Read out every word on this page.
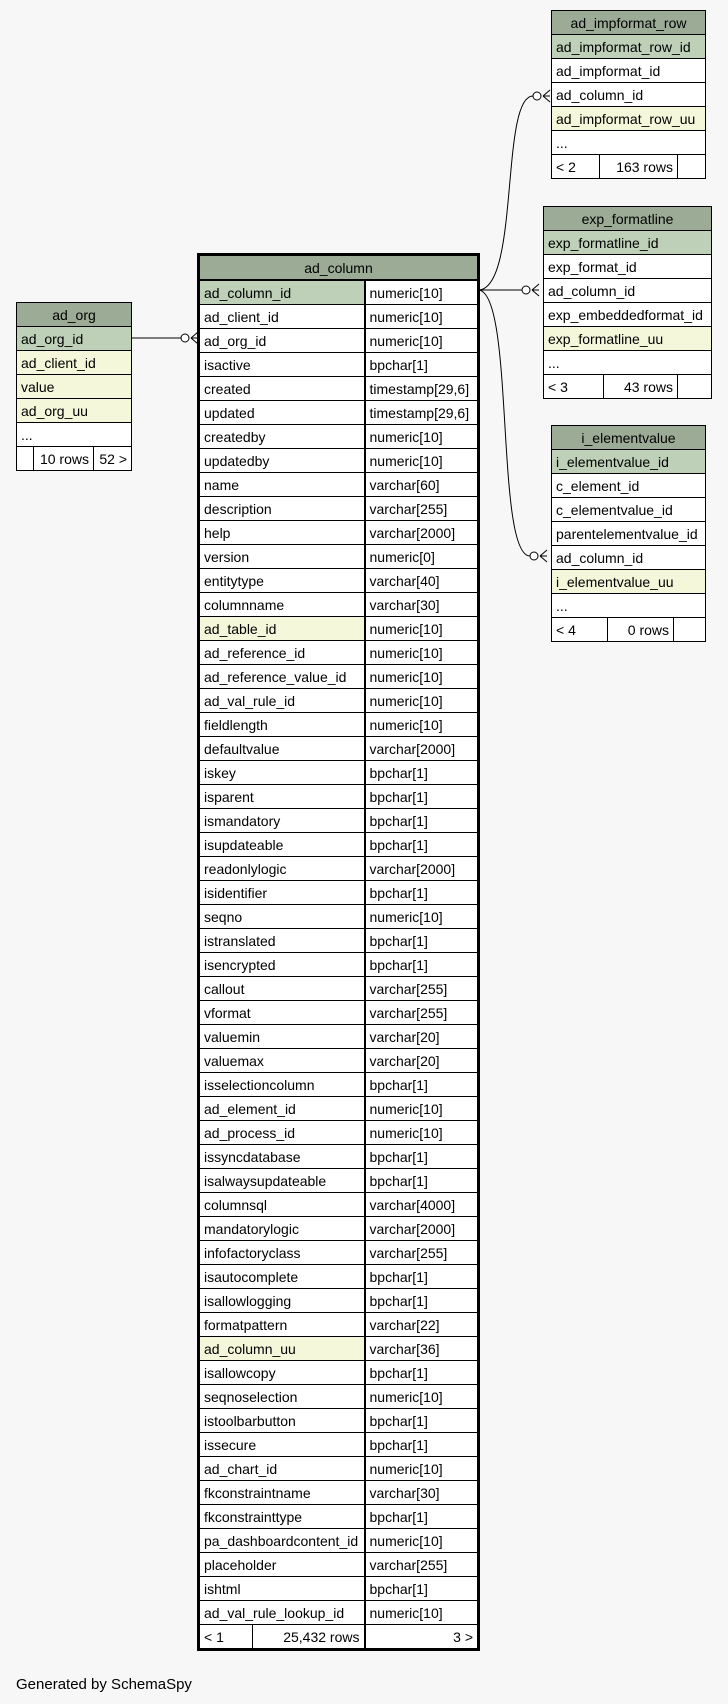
ad_impformat_row
ad_impformat_row_id
ad_impformat_id
ad_column_id
ad_impformat_row_uu
...
< 2	163 rows	
exp_formatline
exp_formatline_id
exp_format_id
ad_column_id
exp_embeddedformat_id
exp_formatline_uu
...
< 3	43 rows	
i_elementvalue
i_elementvalue_id
c_element_id
c_elementvalue_id
parentelementvalue_id
ad_column_id
i_elementvalue_uu
...
< 4	0 rows	
ad_org
ad_org_id
ad_client_id
value
ad_org_uu
...
	10 rows	52 >
ad_column		
ad_column_id		numeric[10]
ad_client_id		numeric[10]
ad_org_id		numeric[10]
isactive		bpchar[1]
created		timestamp[29,6]
updated		timestamp[29,6]
createdby		numeric[10]
updatedby		numeric[10]
name		varchar[60]
description		varchar[255]
help		varchar[2000]
version		numeric[0]
entitytype		varchar[40]
columnname		varchar[30]
ad_table_id		numeric[10]
ad_reference_id		numeric[10]
ad_reference_value_id		numeric[10]
ad_val_rule_id		numeric[10]
fieldlength		numeric[10]
defaultvalue		varchar[2000]
iskey		bpchar[1]
isparent		bpchar[1]
ismandatory		bpchar[1]
isupdateable		bpchar[1]
readonlylogic		varchar[2000]
isidentifier		bpchar[1]
seqno		numeric[10]
istranslated		bpchar[1]
isencrypted		bpchar[1]
callout		varchar[255]
vformat		varchar[255]
valuemin		varchar[20]
valuemax		varchar[20]
isselectioncolumn		bpchar[1]
ad_element_id		numeric[10]
ad_process_id		numeric[10]
issyncdatabase		bpchar[1]
isalwaysupdateable		bpchar[1]
columnsql		varchar[4000]
mandatorylogic		varchar[2000]
infofactoryclass		varchar[255]
isautocomplete		bpchar[1]
isallowlogging		bpchar[1]
formatpattern		varchar[22]
ad_column_uu		varchar[36]
isallowcopy		bpchar[1]
seqnoselection		numeric[10]
istoolbarbutton		bpchar[1]
issecure		bpchar[1]
ad_chart_id		numeric[10]
fkconstraintname		varchar[30]
fkconstrainttype		bpchar[1]
pa_dashboardcontent_id		numeric[10]
placeholder		varchar[255]
ishtml		bpchar[1]
ad_val_rule_lookup_id		numeric[10]
< 1	25,432 rows	3 >
Generated by SchemaSpy
